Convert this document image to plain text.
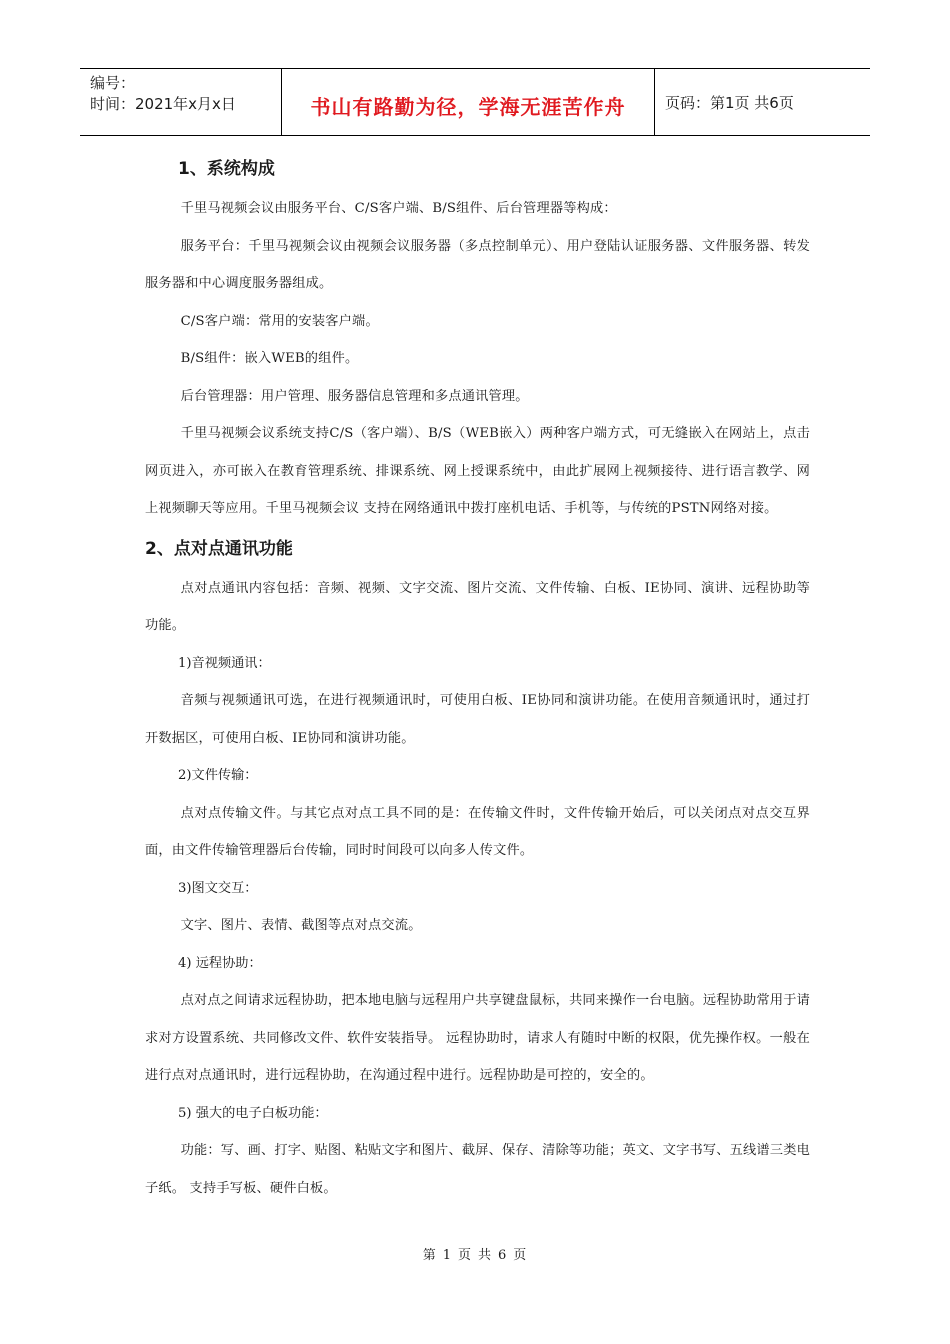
编号：
时间：2021年x月x日	书山有路勤为径，学海无涯苦作舟	页码：第1页 共6页
1、系统构成
千里马视频会议由服务平台、C/S客户端、B/S组件、后台管理器等构成：
服务平台：千里马视频会议由视频会议服务器（多点控制单元）、用户登陆认证服务器、文件服务器、转发服务器和中心调度服务器组成。
C/S客户端：常用的安装客户端。
B/S组件：嵌入WEB的组件。
后台管理器：用户管理、服务器信息管理和多点通讯管理。
千里马视频会议系统支持C/S（客户端）、B/S（WEB嵌入）两种客户端方式，可无缝嵌入在网站上，点击网页进入，亦可嵌入在教育管理系统、排课系统、网上授课系统中，由此扩展网上视频接待、进行语言教学、网上视频聊天等应用。千里马视频会议 支持在网络通讯中拨打座机电话、手机等，与传统的PSTN网络对接。
2、点对点通讯功能
点对点通讯内容包括：音频、视频、文字交流、图片交流、文件传输、白板、IE协同、演讲、远程协助等功能。
1)音视频通讯：
音频与视频通讯可选，在进行视频通讯时，可使用白板、IE协同和演讲功能。在使用音频通讯时，通过打开数据区，可使用白板、IE协同和演讲功能。
2)文件传输：
点对点传输文件。与其它点对点工具不同的是：在传输文件时，文件传输开始后，可以关闭点对点交互界面，由文件传输管理器后台传输，同时时间段可以向多人传文件。
3)图文交互：
文字、图片、表情、截图等点对点交流。
4) 远程协助：
点对点之间请求远程协助，把本地电脑与远程用户共享键盘鼠标，共同来操作一台电脑。远程协助常用于请求对方设置系统、共同修改文件、软件安装指导。 远程协助时，请求人有随时中断的权限，优先操作权。一般在进行点对点通讯时，进行远程协助，在沟通过程中进行。远程协助是可控的，安全的。
5) 强大的电子白板功能：
功能：写、画、打字、贴图、粘贴文字和图片、截屏、保存、清除等功能；英文、文字书写、五线谱三类电子纸。 支持手写板、硬件白板。
第 1 页 共 6 页
